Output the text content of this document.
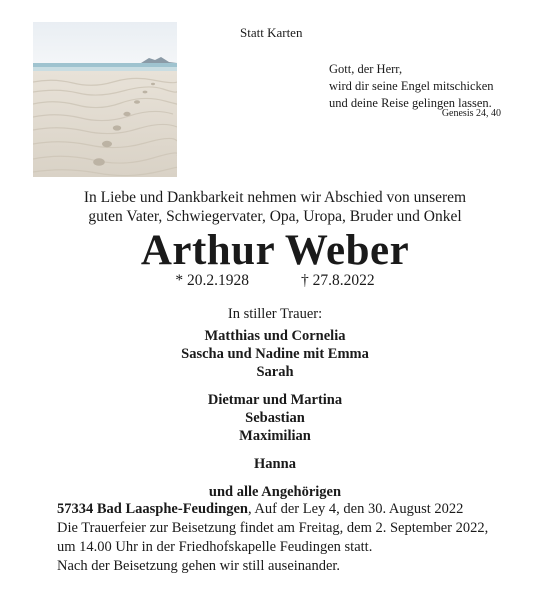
Statt Karten
Gott, der Herr,
wird dir seine Engel mitschicken
und deine Reise gelingen lassen.
Genesis 24, 40
In Liebe und Dankbarkeit nehmen wir Abschied von unserem
guten Vater, Schwiegervater, Opa, Uropa, Bruder und Onkel
Arthur Weber
* 20.2.1928	† 27.8.2022
In stiller Trauer:
Matthias und Cornelia
Sascha und Nadine mit Emma
Sarah
Dietmar und Martina
Sebastian
Maximilian
Hanna
und alle Angehörigen
57334 Bad Laasphe-Feudingen, Auf der Ley 4, den 30. August 2022
Die Trauerfeier zur Beisetzung findet am Freitag, dem 2. September 2022,
um 14.00 Uhr in der Friedhofskapelle Feudingen statt.
Nach der Beisetzung gehen wir still auseinander.
